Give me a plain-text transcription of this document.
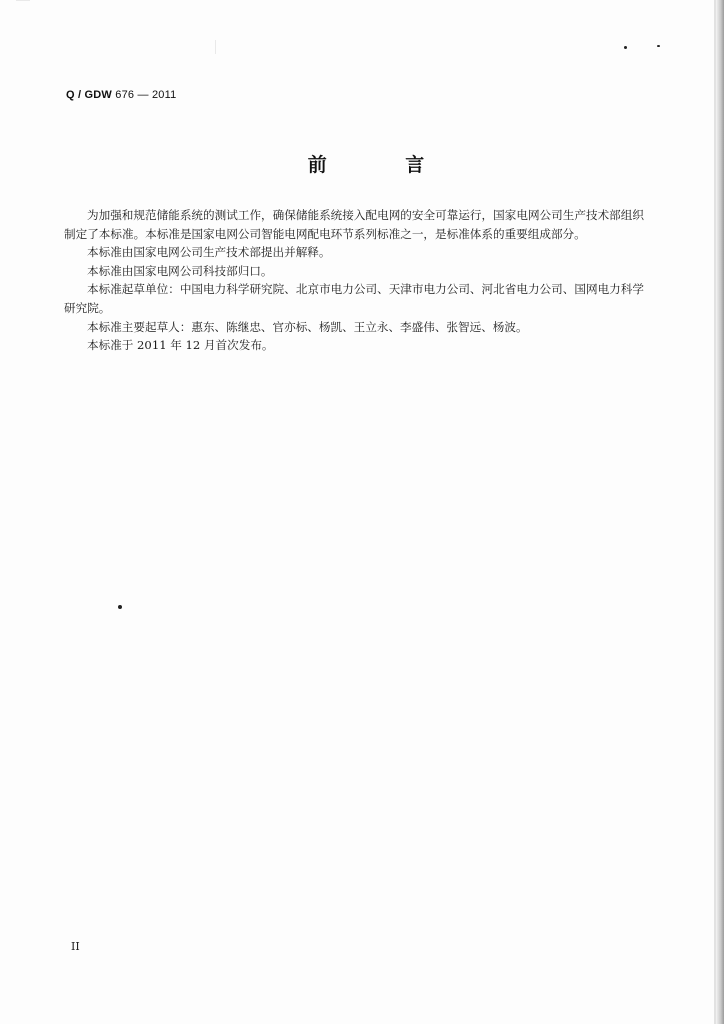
Q / GDW 676 — 2011
前 言

为加强和规范储能系统的测试工作，确保储能系统接入配电网的安全可靠运行，国家电网公司生产技术部组织制定了本标准。本标准是国家电网公司智能电网配电环节系列标准之一，是标准体系的重要组成部分。

本标准由国家电网公司生产技术部提出并解释。

本标准由国家电网公司科技部归口。

本标准起草单位：中国电力科学研究院、北京市电力公司、天津市电力公司、河北省电力公司、国网电力科学研究院。

本标准主要起草人：惠东、陈继忠、官亦标、杨凯、王立永、李盛伟、张智远、杨波。

本标准于 2011 年 12 月首次发布。

II
